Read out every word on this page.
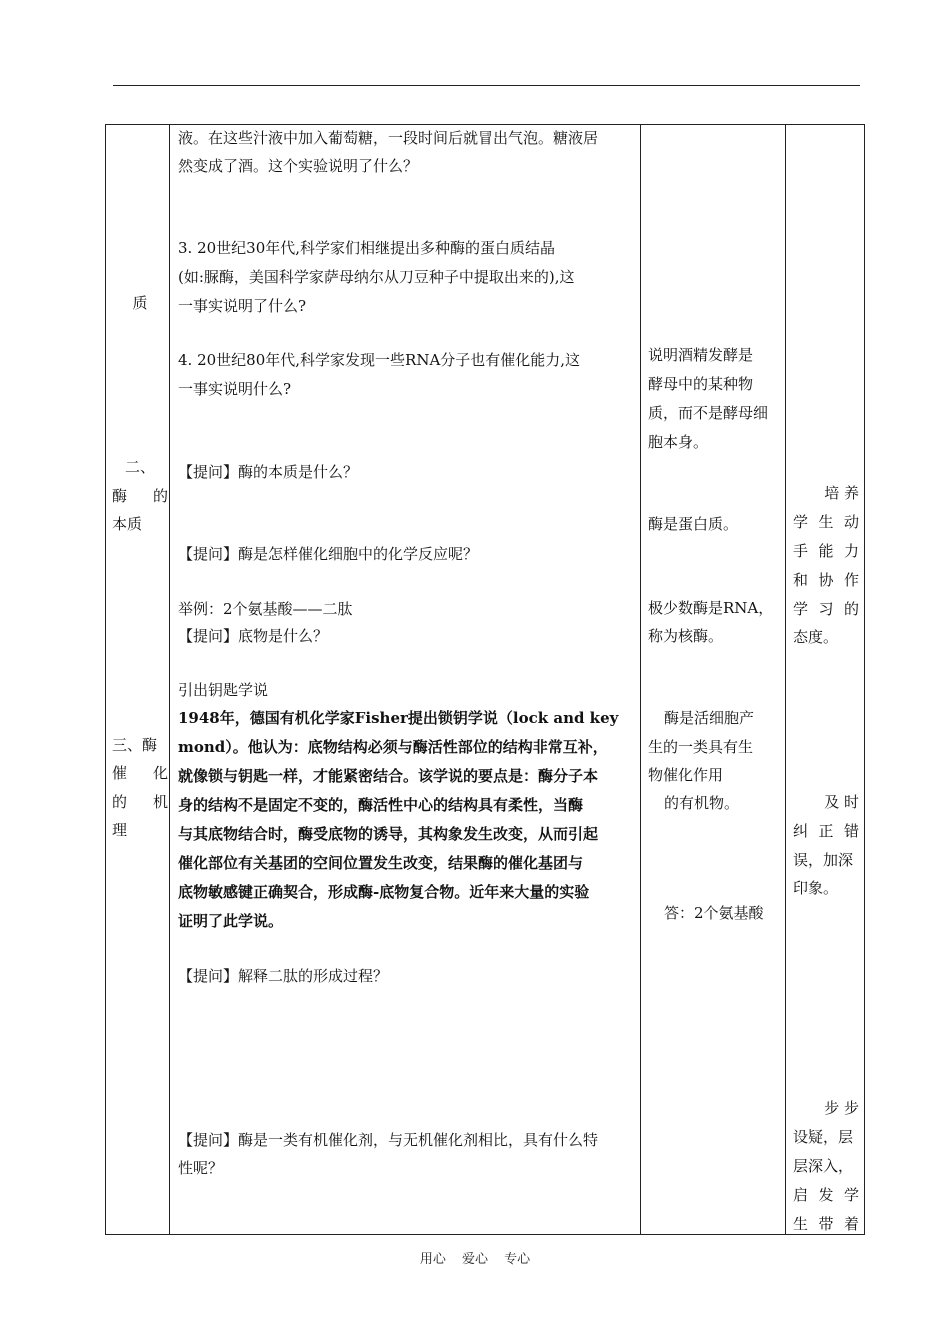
质
二、
酶 的
本质
三、酶
催 化
的 机
理
液。在这些汁液中加入葡萄糖，一段时间后就冒出气泡。糖液居
然变成了酒。这个实验说明了什么？
3. 20世纪30年代,科学家们相继提出多种酶的蛋白质结晶
(如:脲酶，美国科学家萨母纳尔从刀豆种子中提取出来的),这
一事实说明了什么?
4. 20世纪80年代,科学家发现一些RNA分子也有催化能力,这
一事实说明什么?
【提问】酶的本质是什么？
【提问】酶是怎样催化细胞中的化学反应呢？
举例：2个氨基酸——二肽
【提问】底物是什么？
引出钥匙学说
1948年，德国有机化学家Fisher提出锁钥学说（lock and key
mond）。他认为：底物结构必须与酶活性部位的结构非常互补，
就像锁与钥匙一样，才能紧密结合。该学说的要点是：酶分子本
身的结构不是固定不变的，酶活性中心的结构具有柔性，当酶
与其底物结合时，酶受底物的诱导，其构象发生改变，从而引起
催化部位有关基团的空间位置发生改变，结果酶的催化基团与
底物敏感键正确契合，形成酶-底物复合物。近年来大量的实验
证明了此学说。
【提问】解释二肽的形成过程？
【提问】酶是一类有机催化剂，与无机催化剂相比，具有什么特
性呢？
说明酒精发酵是
酵母中的某种物
质，而不是酵母细
胞本身。
酶是蛋白质。
极少数酶是RNA，
称为核酶。
酶是活细胞产
生的一类具有生
物催化作用
的有机物。
答：2个氨基酸
培 养
学 生 动
手 能 力
和 协 作
学 习 的
态度。
及 时
纠 正 错
误，加深
印象。
步 步
设疑，层
层深入，
启 发 学
生 带 着
用心 爱心 专心
